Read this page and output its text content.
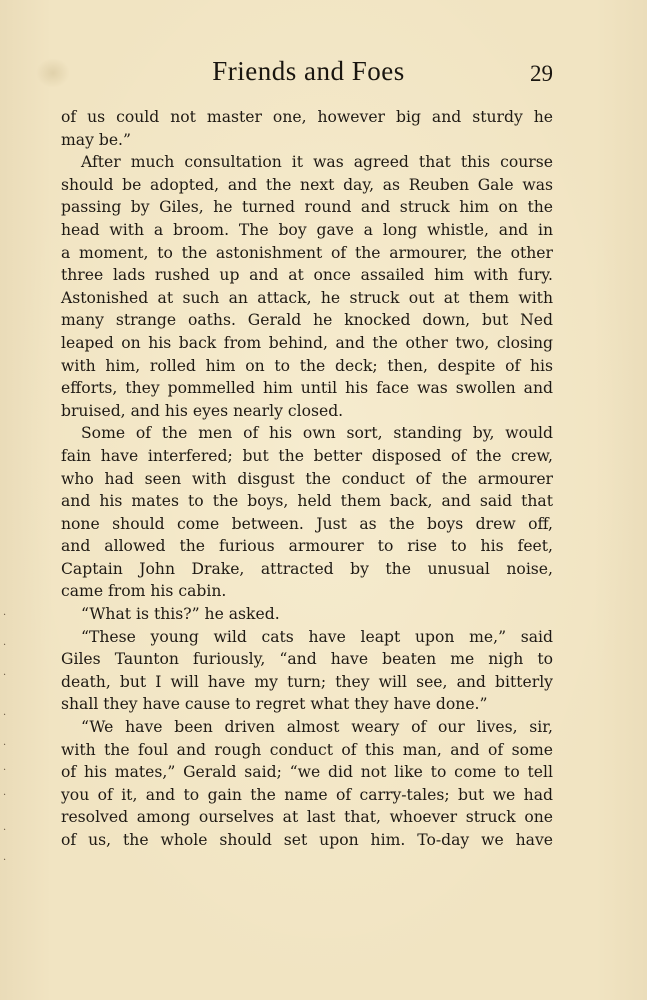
Friends and Foes	29
of us could not master one, however big and sturdy he
may be.”
After much consultation it was agreed that this course
should be adopted, and the next day, as Reuben Gale was
passing by Giles, he turned round and struck him on the
head with a broom. The boy gave a long whistle, and in
a moment, to the astonishment of the armourer, the other
three lads rushed up and at once assailed him with fury.
Astonished at such an attack, he struck out at them with
many strange oaths. Gerald he knocked down, but Ned
leaped on his back from behind, and the other two, closing
with him, rolled him on to the deck; then, despite of his
efforts, they pommelled him until his face was swollen and
bruised, and his eyes nearly closed.
Some of the men of his own sort, standing by, would
fain have interfered; but the better disposed of the crew,
who had seen with disgust the conduct of the armourer
and his mates to the boys, held them back, and said that
none should come between. Just as the boys drew off,
and allowed the furious armourer to rise to his feet,
Captain John Drake, attracted by the unusual noise,
came from his cabin.
“What is this?” he asked.
“These young wild cats have leapt upon me,” said
Giles Taunton furiously, “and have beaten me nigh to
death, but I will have my turn; they will see, and bitterly
shall they have cause to regret what they have done.”
“We have been driven almost weary of our lives, sir,
with the foul and rough conduct of this man, and of some
of his mates,” Gerald said; “we did not like to come to tell
you of it, and to gain the name of carry-tales; but we had
resolved among ourselves at last that, whoever struck one
of us, the whole should set upon him. To-day we have
·
·
·
·
·
·
·
·
·
